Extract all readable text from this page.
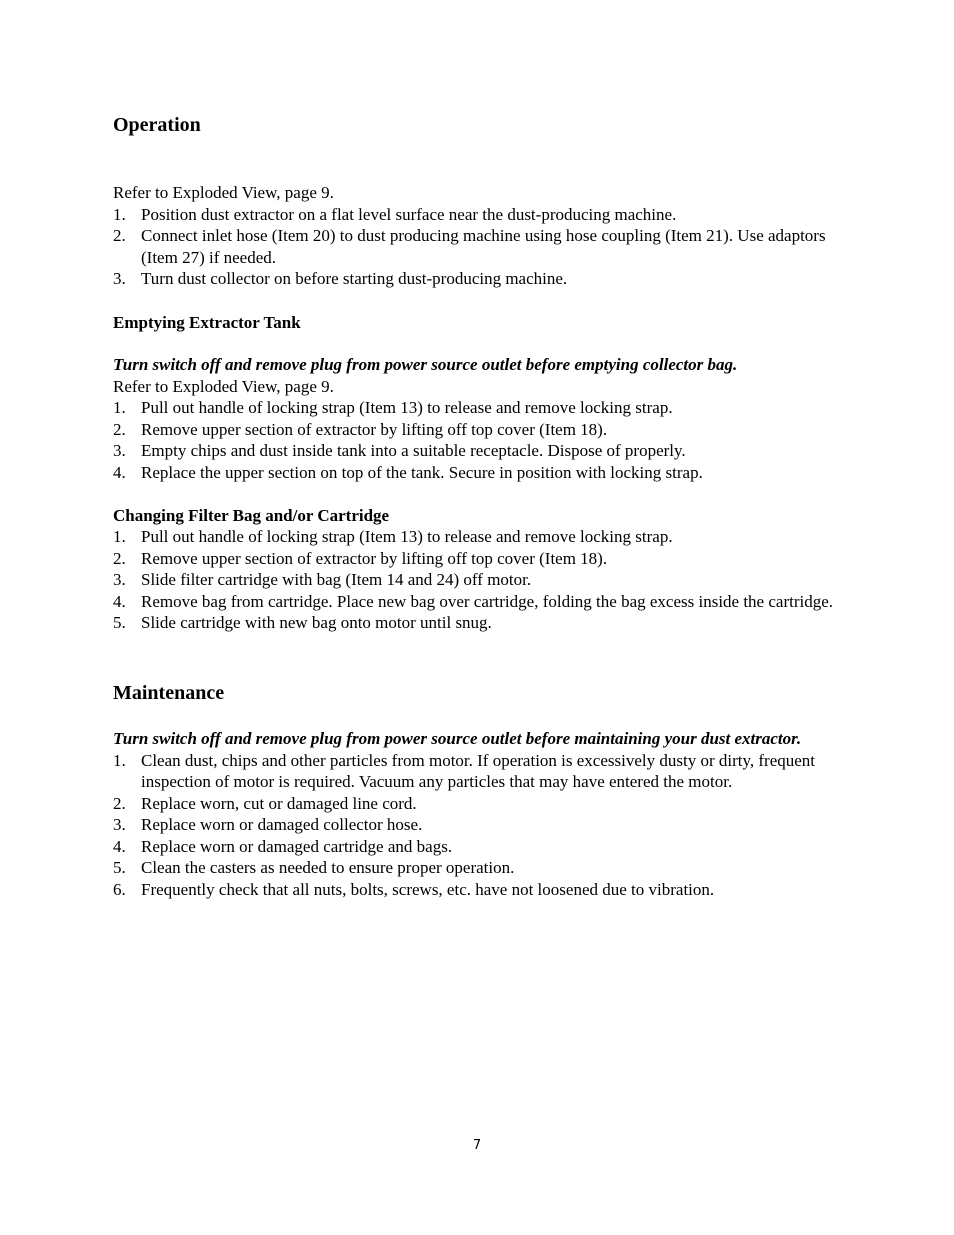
Operation

Refer to Exploded View, page 9.

1. Position dust extractor on a flat level surface near the dust-producing machine.
2. Connect inlet hose (Item 20) to dust producing machine using hose coupling (Item 21). Use adaptors (Item 27) if needed.
3. Turn dust collector on before starting dust-producing machine.
Emptying Extractor Tank

Turn switch off and remove plug from power source outlet before emptying collector bag.

Refer to Exploded View, page 9.

1. Pull out handle of locking strap (Item 13) to release and remove locking strap.
2. Remove upper section of extractor by lifting off top cover (Item 18).
3. Empty chips and dust inside tank into a suitable receptacle. Dispose of properly.
4. Replace the upper section on top of the tank. Secure in position with locking strap.
Changing Filter Bag and/or Cartridge
1. Pull out handle of locking strap (Item 13) to release and remove locking strap.
2. Remove upper section of extractor by lifting off top cover (Item 18).
3. Slide filter cartridge with bag (Item 14 and 24) off motor.
4. Remove bag from cartridge. Place new bag over cartridge, folding the bag excess inside the cartridge.
5. Slide cartridge with new bag onto motor until snug.
Maintenance

Turn switch off and remove plug from power source outlet before maintaining your dust extractor.

1. Clean dust, chips and other particles from motor. If operation is excessively dusty or dirty, frequent inspection of motor is required. Vacuum any particles that may have entered the motor.
2. Replace worn, cut or damaged line cord.
3. Replace worn or damaged collector hose.
4. Replace worn or damaged cartridge and bags.
5. Clean the casters as needed to ensure proper operation.
6. Frequently check that all nuts, bolts, screws, etc. have not loosened due to vibration.
7
